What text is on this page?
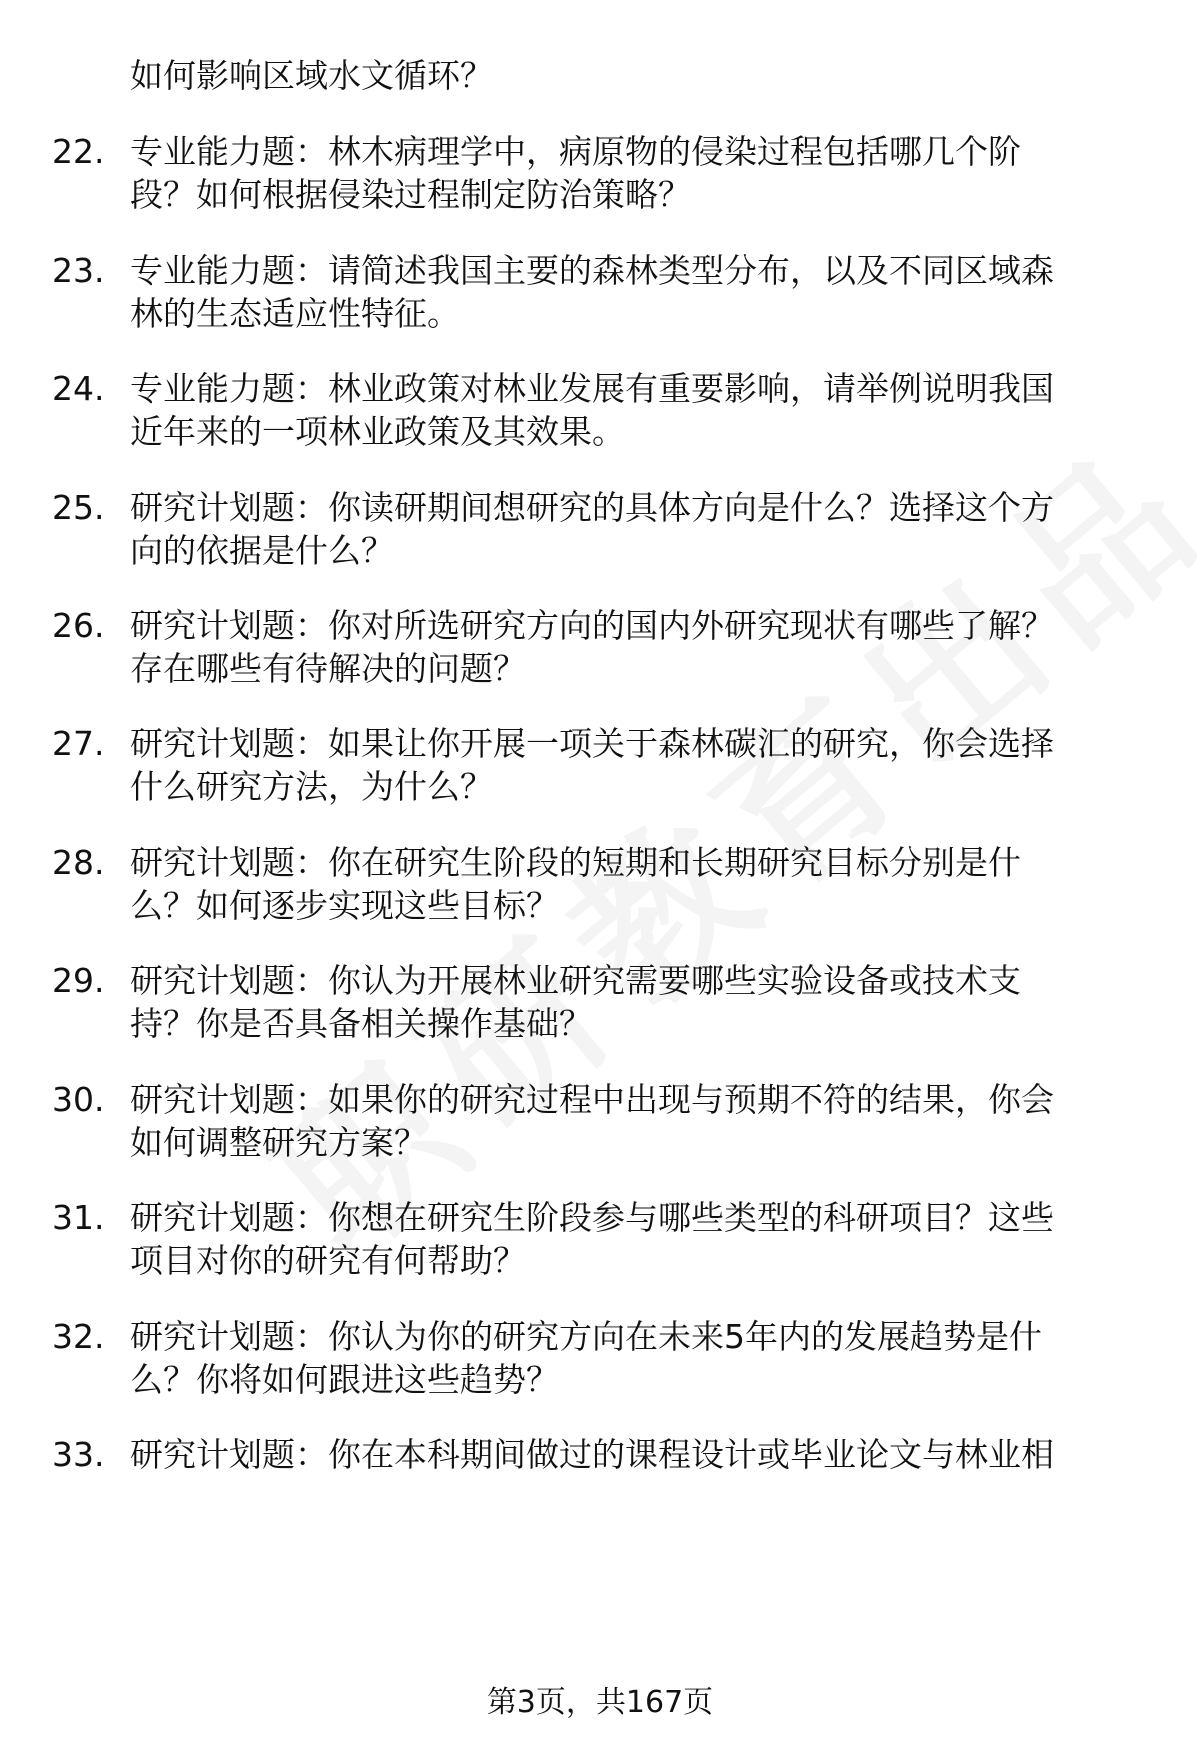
如何影响区域水文循环？
22. 专业能力题：林木病理学中，病原物的侵染过程包括哪几个阶
段？如何根据侵染过程制定防治策略？
23. 专业能力题：请简述我国主要的森林类型分布，以及不同区域森
林的生态适应性特征。
24. 专业能力题：林业政策对林业发展有重要影响，请举例说明我国
近年来的一项林业政策及其效果。
25. 研究计划题：你读研期间想研究的具体方向是什么？选择这个方
向的依据是什么？
26. 研究计划题：你对所选研究方向的国内外研究现状有哪些了解？
存在哪些有待解决的问题？
27. 研究计划题：如果让你开展一项关于森林碳汇的研究，你会选择
什么研究方法，为什么？
28. 研究计划题：你在研究生阶段的短期和长期研究目标分别是什
么？如何逐步实现这些目标？
29. 研究计划题：你认为开展林业研究需要哪些实验设备或技术支
持？你是否具备相关操作基础？
30. 研究计划题：如果你的研究过程中出现与预期不符的结果，你会
如何调整研究方案？
31. 研究计划题：你想在研究生阶段参与哪些类型的科研项目？这些
项目对你的研究有何帮助？
32. 研究计划题：你认为你的研究方向在未来5年内的发展趋势是什
么？你将如何跟进这些趋势？
33. 研究计划题：你在本科期间做过的课程设计或毕业论文与林业相
第3页，共167页
